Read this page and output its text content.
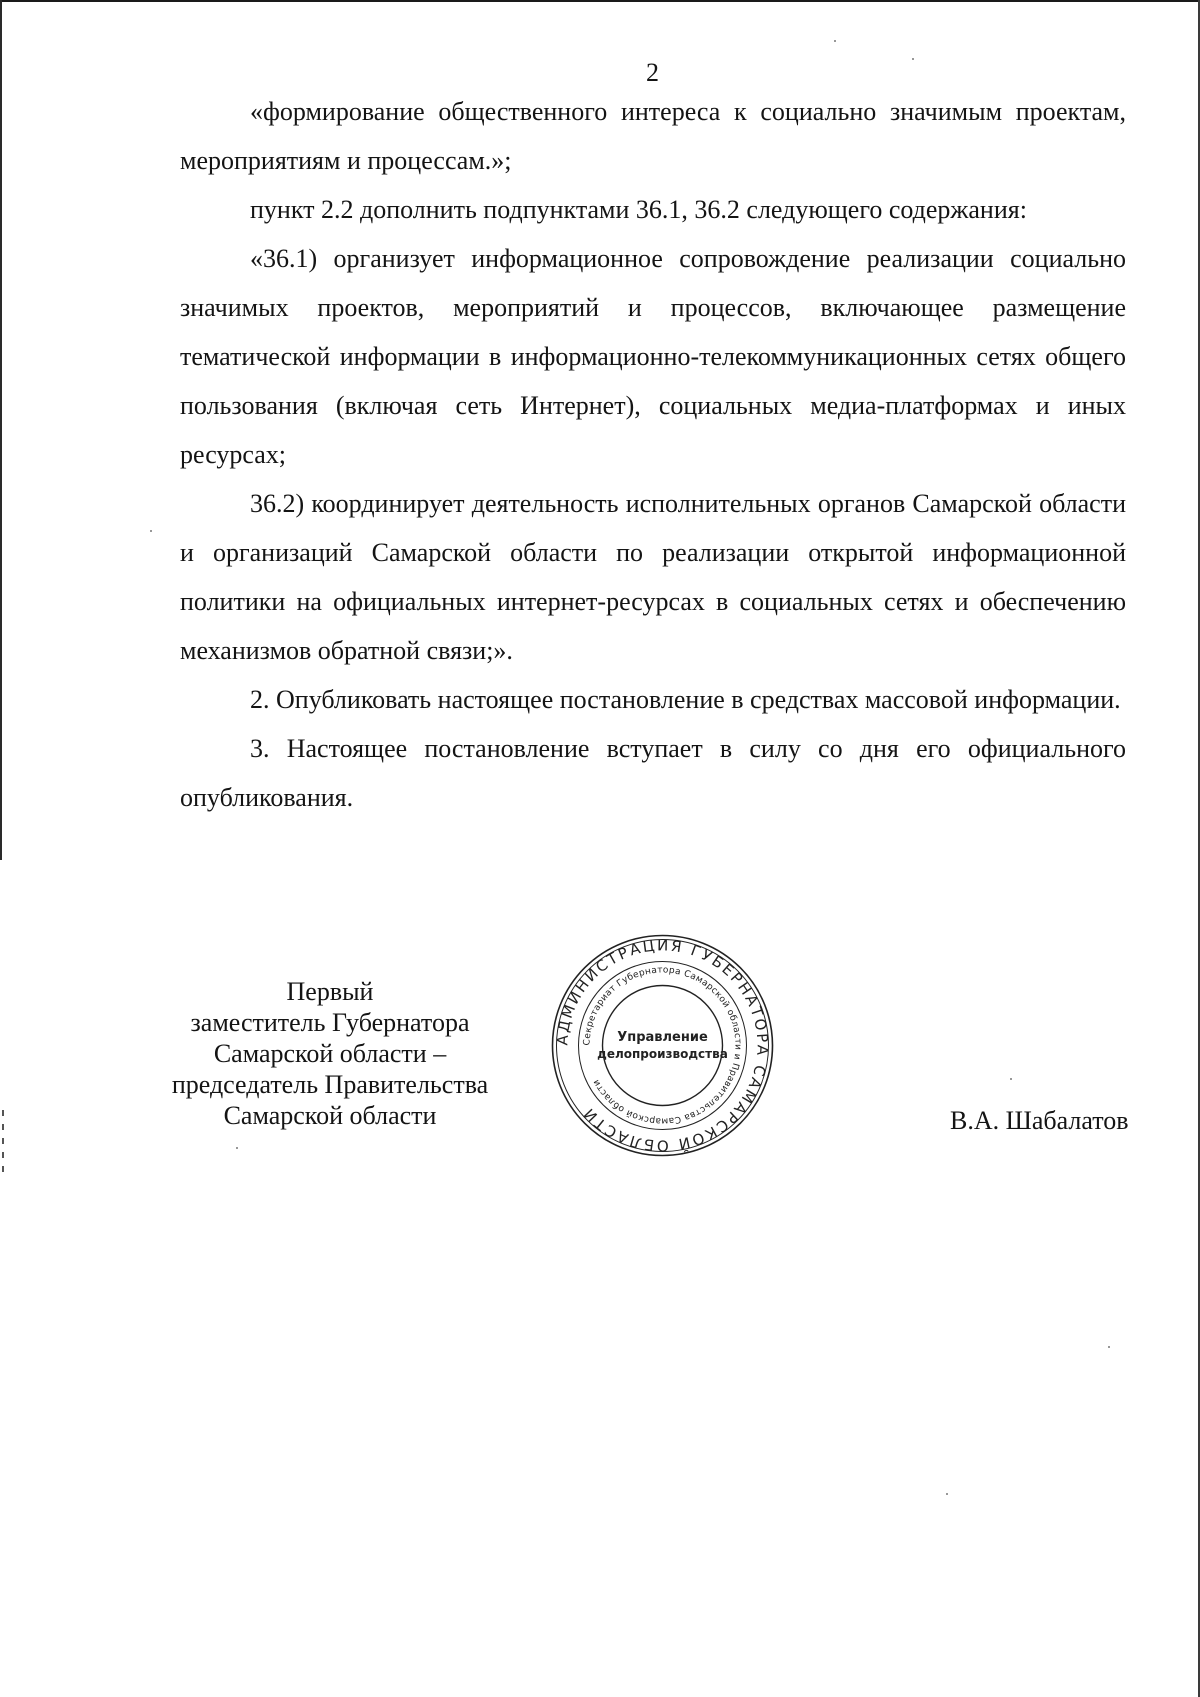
2

«формирование общественного интереса к социально значимым проектам, мероприятиям и процессам.»;

пункт 2.2 дополнить подпунктами 36.1, 36.2 следующего содержания:

«36.1) организует информационное сопровождение реализации социально значимых проектов, мероприятий и процессов, включающее размещение тематической информации в информационно-телекоммуникационных сетях общего пользования (включая сеть Интернет), социальных медиа-платформах и иных ресурсах;

36.2) координирует деятельность исполнительных органов Самарской области и организаций Самарской области по реализации открытой информационной политики на официальных интернет-ресурсах в социальных сетях и обеспечению механизмов обратной связи;».

2. Опубликовать настоящее постановление в средствах массовой информации.

3. Настоящее постановление вступает в силу со дня его официального опубликования.

Первый
заместитель Губернатора
Самарской области –
председатель Правительства
Самарской области
АДМИНИСТРАЦИЯ ГУБЕРНАТОРА САМАРСКОЙ ОБЛАСТИ
Секретариат Губернатора Самарской области и Правительства Самарской области
Управление
делопроизводства
В.А. Шабалатов
